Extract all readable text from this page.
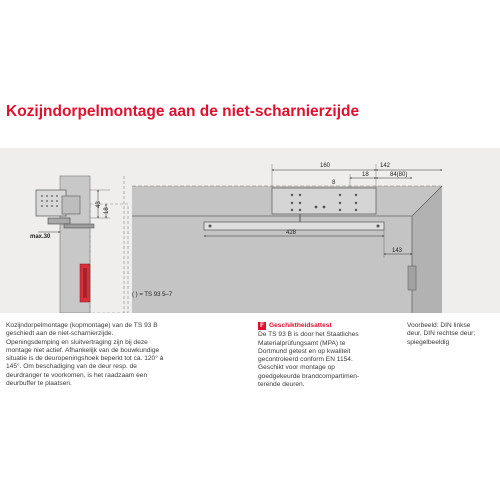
Kozijndorpelmontage aan de niet-scharnierzijde
max.30
160	142
18	84(80)
428
143
43
18
8
( ) = TS 93 5–7
Kozijndorpelmontage (kopmontage) van de TS 93 B
geschiedt aan de niet-scharnierzijde.
Openingsdemping en sluitvertraging zijn bij deze
montage niet actief. Afhankelijk van de bouwkundige
situatie is de deuropeningshoek beperkt tot ca. 120° à
145°. Om beschadiging van de deur resp. de
deurdranger te voorkomen, is het raadzaam een
deurbuffer te plaatsen.
F Geschiktheidsattest
De TS 93 B is door het Staatliches
Materialprüfungsamt (MPA) te
Dortmund getest en op kwaliteit
gecontroleerd conform EN 1154.
Geschikt voor montage op
goedgekeurde brandcompartimen-
terende deuren.
Voorbeeld: DIN linkse
deur, DIN rechtse deur;
spiegelbeeldig
